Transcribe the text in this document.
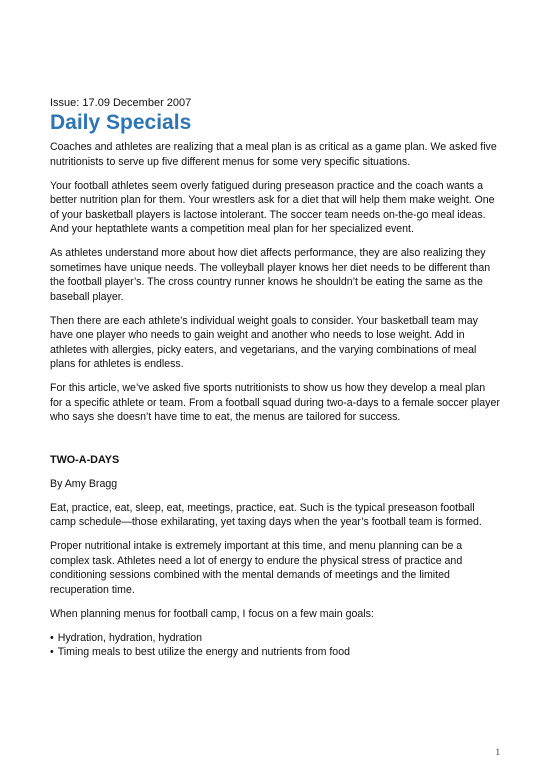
Issue: 17.09 December 2007
Daily Specials

Coaches and athletes are realizing that a meal plan is as critical as a game plan. We asked five nutritionists to serve up five different menus for some very specific situations.

Your football athletes seem overly fatigued during preseason practice and the coach wants a better nutrition plan for them. Your wrestlers ask for a diet that will help them make weight. One of your basketball players is lactose intolerant. The soccer team needs on-the-go meal ideas. And your heptathlete wants a competition meal plan for her specialized event.

As athletes understand more about how diet affects performance, they are also realizing they sometimes have unique needs. The volleyball player knows her diet needs to be different than the football player’s. The cross country runner knows he shouldn’t be eating the same as the baseball player.

Then there are each athlete’s individual weight goals to consider. Your basketball team may have one player who needs to gain weight and another who needs to lose weight. Add in athletes with allergies, picky eaters, and vegetarians, and the varying combinations of meal plans for athletes is endless.

For this article, we’ve asked five sports nutritionists to show us how they develop a meal plan for a specific athlete or team. From a football squad during two-a-days to a female soccer player who says she doesn’t have time to eat, the menus are tailored for success.

TWO-A-DAYS
By Amy Bragg

Eat, practice, eat, sleep, eat, meetings, practice, eat. Such is the typical preseason football camp schedule—those exhilarating, yet taxing days when the year’s football team is formed.

Proper nutritional intake is extremely important at this time, and menu planning can be a complex task. Athletes need a lot of energy to endure the physical stress of practice and conditioning sessions combined with the mental demands of meetings and the limited recuperation time.

When planning menus for football camp, I focus on a few main goals:

• Hydration, hydration, hydration
• Timing meals to best utilize the energy and nutrients from food
1
